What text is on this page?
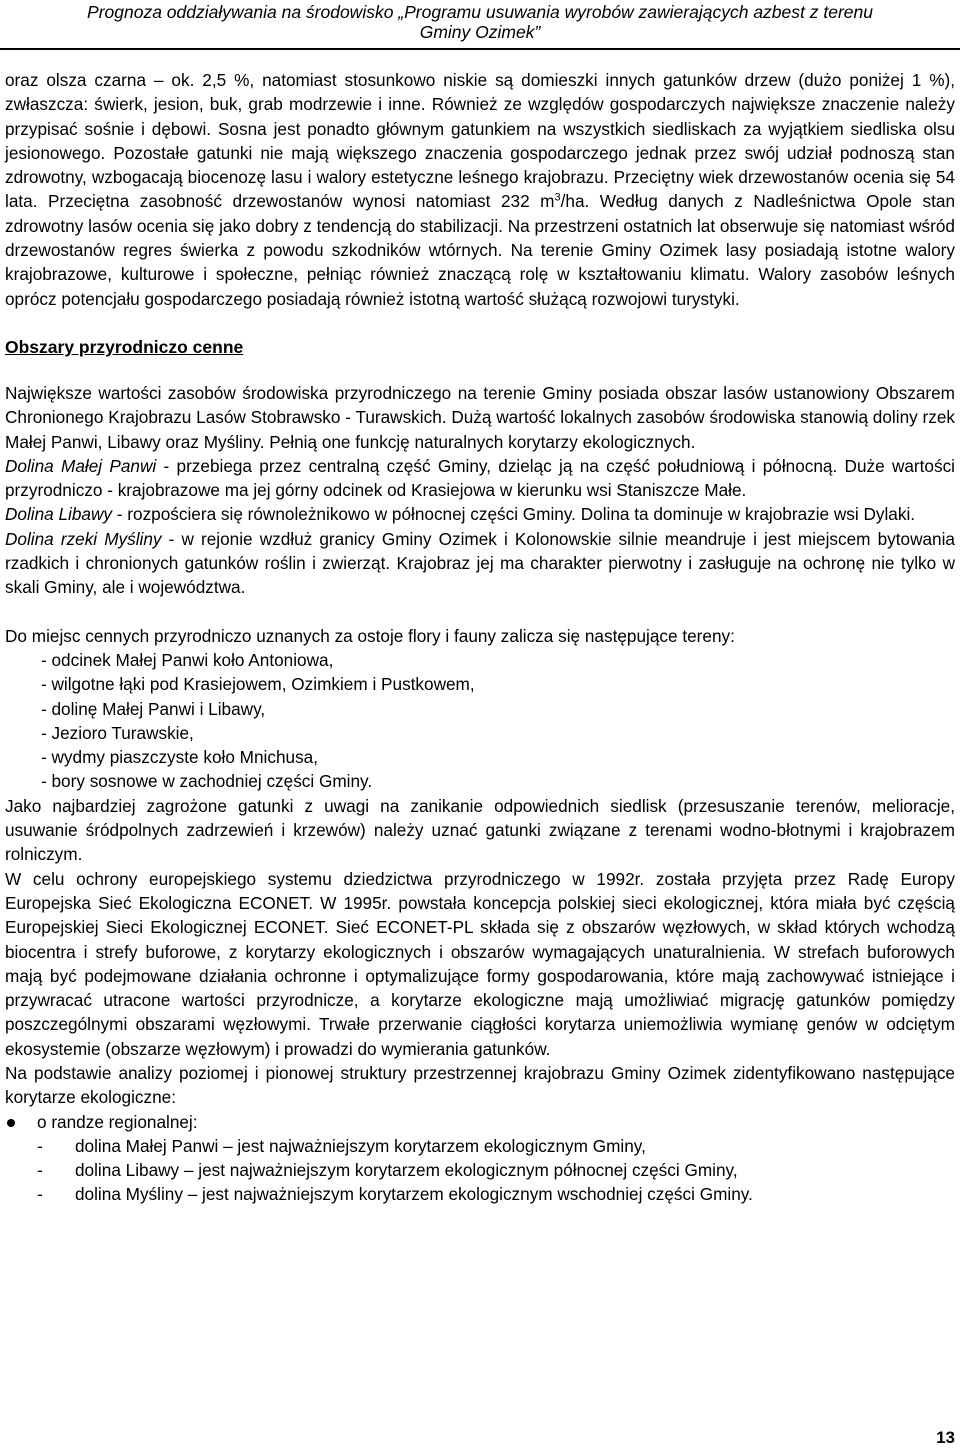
Prognoza oddziaływania na środowisko „Programu usuwania wyrobów zawierających azbest z terenu
Gminy Ozimek”

oraz olsza czarna – ok. 2,5 %, natomiast stosunkowo niskie są domieszki innych gatunków drzew (dużo poniżej 1 %), zwłaszcza: świerk, jesion, buk, grab modrzewie i inne. Również ze względów gospodarczych największe znaczenie należy przypisać sośnie i dębowi. Sosna jest ponadto głównym gatunkiem na wszystkich siedliskach za wyjątkiem siedliska olsu jesionowego. Pozostałe gatunki nie mają większego znaczenia gospodarczego jednak przez swój udział podnoszą stan zdrowotny, wzbogacają biocenozę lasu i walory estetyczne leśnego krajobrazu. Przeciętny wiek drzewostanów ocenia się 54 lata. Przeciętna zasobność drzewostanów wynosi natomiast 232 $m^3/ha$. Według danych z Nadleśnictwa Opole stan zdrowotny lasów ocenia się jako dobry z tendencją do stabilizacji. Na przestrzeni ostatnich lat obserwuje się natomiast wśród drzewostanów regres świerka z powodu szkodników wtórnych. Na terenie Gminy Ozimek lasy posiadają istotne walory krajobrazowe, kulturowe i społeczne, pełniąc również znaczącą rolę w kształtowaniu klimatu. Walory zasobów leśnych oprócz potencjału gospodarczego posiadają również istotną wartość służącą rozwojowi turystyki.

Obszary przyrodniczo cenne

Największe wartości zasobów środowiska przyrodniczego na terenie Gminy posiada obszar lasów ustanowiony Obszarem Chronionego Krajobrazu Lasów Stobrawsko - Turawskich. Dużą wartość lokalnych zasobów środowiska stanowią doliny rzek Małej Panwi, Libawy oraz Myśliny. Pełnią one funkcję naturalnych korytarzy ekologicznych.

Dolina Małej Panwi - przebiega przez centralną część Gminy, dzieląc ją na część południową i północną. Duże wartości przyrodniczo - krajobrazowe ma jej górny odcinek od Krasiejowa w kierunku wsi Staniszcze Małe.

Dolina Libawy - rozpościera się równoleżnikowo w północnej części Gminy. Dolina ta dominuje w krajobrazie wsi Dylaki.

Dolina rzeki Myśliny - w rejonie wzdłuż granicy Gminy Ozimek i Kolonowskie silnie meandruje i jest miejscem bytowania rzadkich i chronionych gatunków roślin i zwierząt. Krajobraz jej ma charakter pierwotny i zasługuje na ochronę nie tylko w skali Gminy, ale i województwa.

Do miejsc cennych przyrodniczo uznanych za ostoje flory i fauny zalicza się następujące tereny:

- odcinek Małej Panwi koło Antoniowa,
- wilgotne łąki pod Krasiejowem, Ozimkiem i Pustkowem,
- dolinę Małej Panwi i Libawy,
- Jezioro Turawskie,
- wydmy piaszczyste koło Mnichusa,
- bory sosnowe w zachodniej części Gminy.

Jako najbardziej zagrożone gatunki z uwagi na zanikanie odpowiednich siedlisk (przesuszanie terenów, melioracje, usuwanie śródpolnych zadrzewień i krzewów) należy uznać gatunki związane z terenami wodno-błotnymi i krajobrazem rolniczym.

W celu ochrony europejskiego systemu dziedzictwa przyrodniczego w 1992r. została przyjęta przez Radę Europy Europejska Sieć Ekologiczna ECONET. W 1995r. powstała koncepcja polskiej sieci ekologicznej, która miała być częścią Europejskiej Sieci Ekologicznej ECONET. Sieć ECONET-PL składa się z obszarów węzłowych, w skład których wchodzą biocentra i strefy buforowe, z korytarzy ekologicznych i obszarów wymagających unaturalnienia. W strefach buforowych mają być podejmowane działania ochronne i optymalizujące formy gospodarowania, które mają zachowywać istniejące i przywracać utracone wartości przyrodnicze, a korytarze ekologiczne mają umożliwiać migrację gatunków pomiędzy poszczególnymi obszarami węzłowymi. Trwałe przerwanie ciągłości korytarza uniemożliwia wymianę genów w odciętym ekosystemie (obszarze węzłowym) i prowadzi do wymierania gatunków.

Na podstawie analizy poziomej i pionowej struktury przestrzennej krajobrazu Gminy Ozimek zidentyfikowano następujące korytarze ekologiczne:

o randze regionalnej:
- dolina Małej Panwi – jest najważniejszym korytarzem ekologicznym Gminy,
- dolina Libawy – jest najważniejszym korytarzem ekologicznym północnej części Gminy,
- dolina Myśliny – jest najważniejszym korytarzem ekologicznym wschodniej części Gminy.
13
